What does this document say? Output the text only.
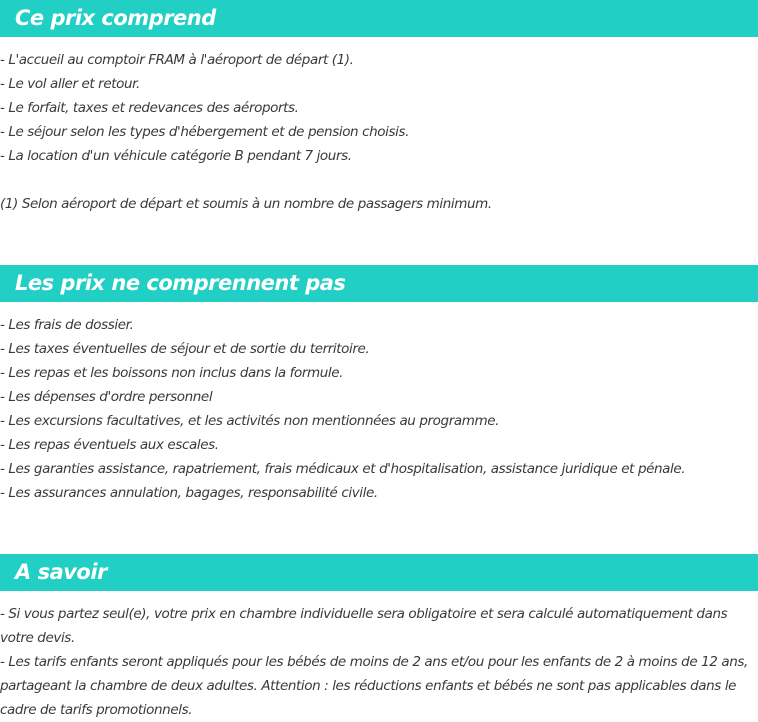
Ce prix comprend
- L'accueil au comptoir FRAM à l'aéroport de départ (1).
- Le vol aller et retour.
- Le forfait, taxes et redevances des aéroports.
- Le séjour selon les types d'hébergement et de pension choisis.
- La location d'un véhicule catégorie B pendant 7 jours.
(1) Selon aéroport de départ et soumis à un nombre de passagers minimum.
Les prix ne comprennent pas
- Les frais de dossier.
- Les taxes éventuelles de séjour et de sortie du territoire.
- Les repas et les boissons non inclus dans la formule.
- Les dépenses d'ordre personnel
- Les excursions facultatives, et les activités non mentionnées au programme.
- Les repas éventuels aux escales.
- Les garanties assistance, rapatriement, frais médicaux et d'hospitalisation, assistance juridique et pénale.
- Les assurances annulation, bagages, responsabilité civile.
A savoir
- Si vous partez seul(e), votre prix en chambre individuelle sera obligatoire et sera calculé automatiquement dans votre devis.
- Les tarifs enfants seront appliqués pour les bébés de moins de 2 ans et/ou pour les enfants de 2 à moins de 12 ans, partageant la chambre de deux adultes. Attention : les réductions enfants et bébés ne sont pas applicables dans le cadre de tarifs promotionnels.
